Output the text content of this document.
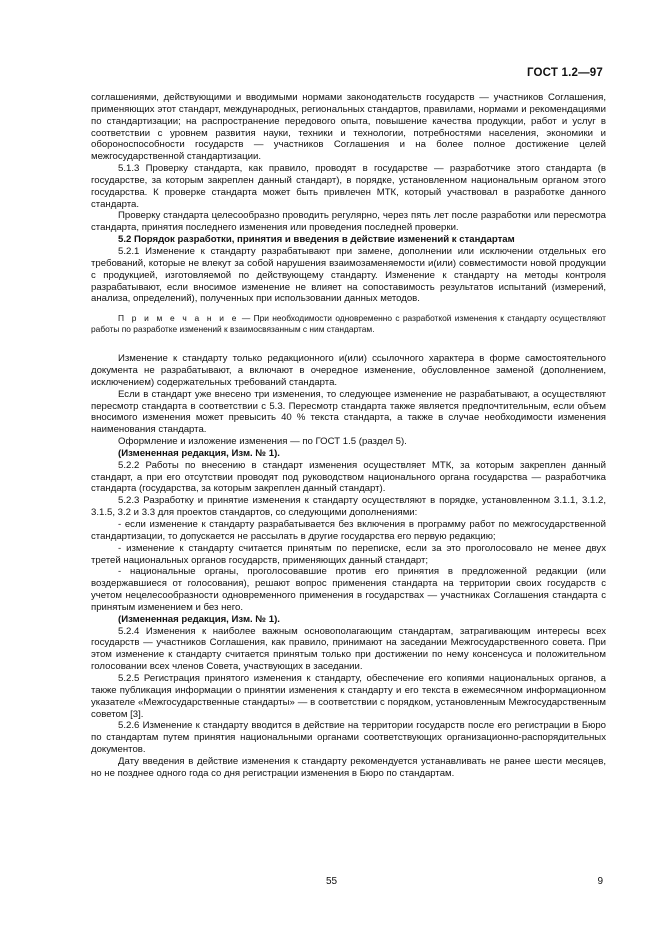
ГОСТ 1.2—97

соглашениями, действующими и вводимыми нормами законодательств государств — участников Соглашения, применяющих этот стандарт, международных, региональных стандартов, правилами, нормами и рекомендациями по стандартизации; на распространение передового опыта, повышение качества продукции, работ и услуг в соответствии с уровнем развития науки, техники и технологии, потребностями населения, экономики и обороноспособности государств — участников Соглашения и на более полное достижение целей межгосударственной стандартизации.

5.1.3 Проверку стандарта, как правило, проводят в государстве — разработчике этого стандарта (в государстве, за которым закреплен данный стандарт), в порядке, установленном национальным органом этого государства. К проверке стандарта может быть привлечен МТК, который участвовал в разработке данного стандарта.

Проверку стандарта целесообразно проводить регулярно, через пять лет после разработки или пересмотра стандарта, принятия последнего изменения или проведения последней проверки.

5.2 Порядок разработки, принятия и введения в действие изменений к стандартам

5.2.1 Изменение к стандарту разрабатывают при замене, дополнении или исключении отдельных его требований, которые не влекут за собой нарушения взаимозаменяемости и(или) совместимости новой продукции с продукцией, изготовляемой по действующему стандарту. Изменение к стандарту на методы контроля разрабатывают, если вносимое изменение не влияет на сопоставимость результатов испытаний (измерений, анализа, определений), полученных при использовании данных методов.

П р и м е ч а н и е — При необходимости одновременно с разработкой изменения к стандарту осуществляют работы по разработке изменений к взаимосвязанным с ним стандартам.

Изменение к стандарту только редакционного и(или) ссылочного характера в форме самостоятельного документа не разрабатывают, а включают в очередное изменение, обусловленное заменой (дополнением, исключением) содержательных требований стандарта.

Если в стандарт уже внесено три изменения, то следующее изменение не разрабатывают, а осуществляют пересмотр стандарта в соответствии с 5.3. Пересмотр стандарта также является предпочтительным, если объем вносимого изменения может превысить 40 % текста стандарта, а также в случае необходимости изменения наименования стандарта.

Оформление и изложение изменения — по ГОСТ 1.5 (раздел 5).

(Измененная редакция, Изм. № 1).

5.2.2 Работы по внесению в стандарт изменения осуществляет МТК, за которым закреплен данный стандарт, а при его отсутствии проводят под руководством национального органа государства — разработчика стандарта (государства, за которым закреплен данный стандарт).

5.2.3 Разработку и принятие изменения к стандарту осуществляют в порядке, установленном 3.1.1, 3.1.2, 3.1.5, 3.2 и 3.3 для проектов стандартов, со следующими дополнениями:

- если изменение к стандарту разрабатывается без включения в программу работ по межгосударственной стандартизации, то допускается не рассылать в другие государства его первую редакцию;

- изменение к стандарту считается принятым по переписке, если за это проголосовало не менее двух третей национальных органов государств, применяющих данный стандарт;

- национальные органы, проголосовавшие против его принятия в предложенной редакции (или воздержавшиеся от голосования), решают вопрос применения стандарта на территории своих государств с учетом нецелесообразности одновременного применения в государствах — участниках Соглашения стандарта с принятым изменением и без него.

(Измененная редакция, Изм. № 1).

5.2.4 Изменения к наиболее важным основополагающим стандартам, затрагивающим интересы всех государств — участников Соглашения, как правило, принимают на заседании Межгосударственного совета. При этом изменение к стандарту считается принятым только при достижении по нему консенсуса и положительном голосовании всех членов Совета, участвующих в заседании.

5.2.5 Регистрация принятого изменения к стандарту, обеспечение его копиями национальных органов, а также публикация информации о принятии изменения к стандарту и его текста в ежемесячном информационном указателе «Межгосударственные стандарты» — в соответствии с порядком, установленным Межгосударственным советом [3].

5.2.6 Изменение к стандарту вводится в действие на территории государств после его регистрации в Бюро по стандартам путем принятия национальными органами соответствующих организационно-распорядительных документов.

Дату введения в действие изменения к стандарту рекомендуется устанавливать не ранее шести месяцев, но не позднее одного года со дня регистрации изменения в Бюро по стандартам.

55	9
